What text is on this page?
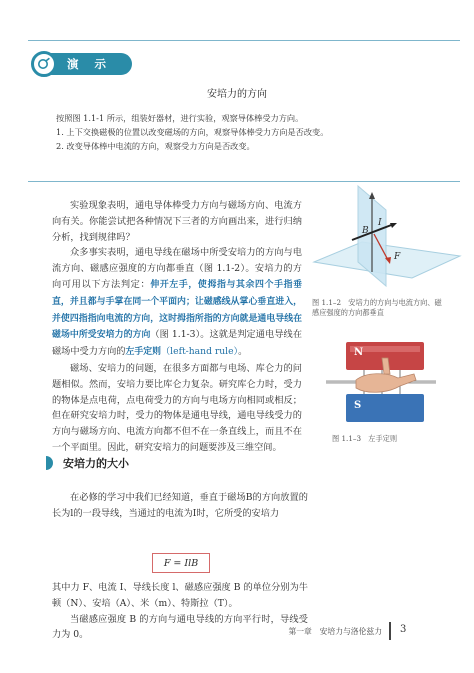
演 示
安培力的方向

按照图 1.1-1 所示，组装好器材，进行实验，观察导体棒受力方向。

1. 上下交换磁极的位置以改变磁场的方向，观察导体棒受力方向是否改变。

2. 改变导体棒中电流的方向，观察受力方向是否改变。

实验现象表明，通电导体棒受力方向与磁场方向、电流方向有关。你能尝试把各种情况下三者的方向画出来，进行归纳分析，找到规律吗？

众多事实表明，通电导线在磁场中所受安培力的方向与电流方向、磁感应强度的方向都垂直（图 1.1-2）。安培力的方向可用以下方法判定：伸开左手，使拇指与其余四个手指垂直，并且都与手掌在同一个平面内；让磁感线从掌心垂直进入，并使四指指向电流的方向，这时拇指所指的方向就是通电导线在磁场中所受安培力的方向（图 1.1-3）。这就是判定通电导线在磁场中受力方向的左手定则（left-hand rule）。

磁场、安培力的问题，在很多方面都与电场、库仑力的问题相似。然而，安培力要比库仑力复杂。研究库仑力时，受力的物体是点电荷，点电荷受力的方向与电场方向相同或相反；但在研究安培力时，受力的物体是通电导线，通电导线受力的方向与磁场方向、电流方向都不但不在一条直线上，而且不在一个平面里。因此，研究安培力的问题要涉及三维空间。

B
I
F
图 1.1–2　安培力的方向与电流方向、磁感应强度的方向都垂直
N
S
图 1.1–3　左手定则
安培力的大小

在必修的学习中我们已经知道，垂直于磁场B的方向放置的长为l的一段导线，当通过的电流为I时，它所受的安培力

F = IlB

其中力 F、电流 I、导线长度 l、磁感应强度 B 的单位分别为牛顿（N）、安培（A）、米（m）、特斯拉（T）。

当磁感应强度 B 的方向与通电导线的方向平行时，导线受力为 0。	第一章　安培力与洛伦兹力 3
